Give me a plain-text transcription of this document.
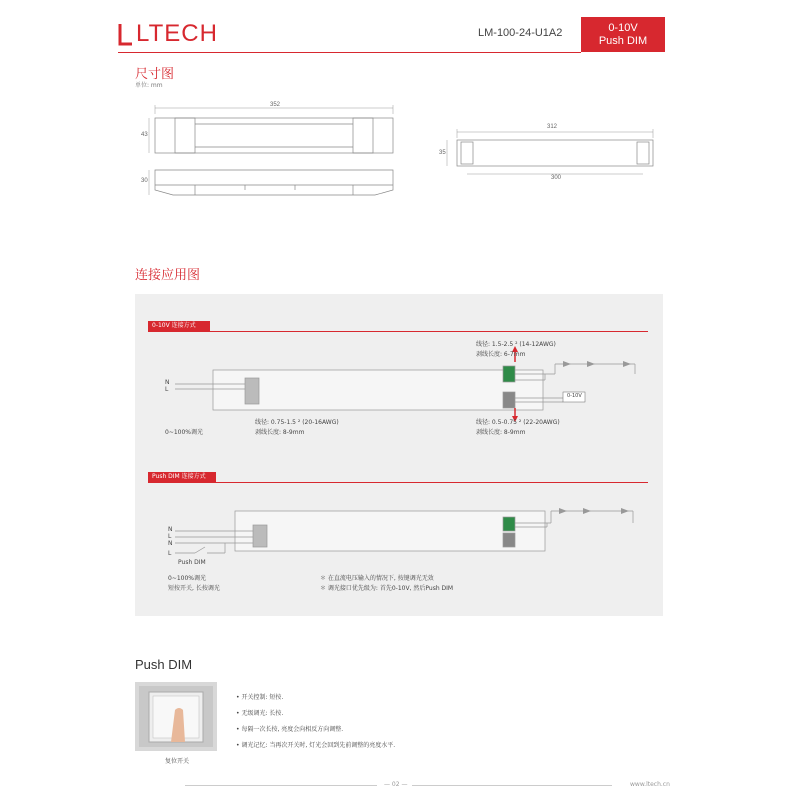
LTECH	LM-100-24-U1A2	0-10V
Push DIM
尺寸图
单位: mm
352
43
30
312
35
300
连接应用图
0-10V 连接方式
N
L
线径: 1.5-2.5 ² (14-12AWG)
剥线长度: 6-7mm
线径: 0.75-1.5 ² (20-16AWG)
剥线长度: 8-9mm
线径: 0.5-0.75 ² (22-20AWG)
剥线长度: 8-9mm
0~100%调光
0-10V
Push DIM 连接方式
N
L
N
L
Push DIM
0~100%调光
短按开关, 长按调光
＊ 在直流电压输入的情况下, 按键调光无效
＊ 调光接口优先级为: 首先0-10V, 然后Push DIM
Push DIM
复位开关
• 开关控制: 短按.
• 无级调光: 长按.
• 每隔一次长按, 亮度会向相反方向调整.
• 调光记忆: 当再次开关时, 灯光会回到先前调整的亮度水平.
— 02 —	www.ltech.cn
